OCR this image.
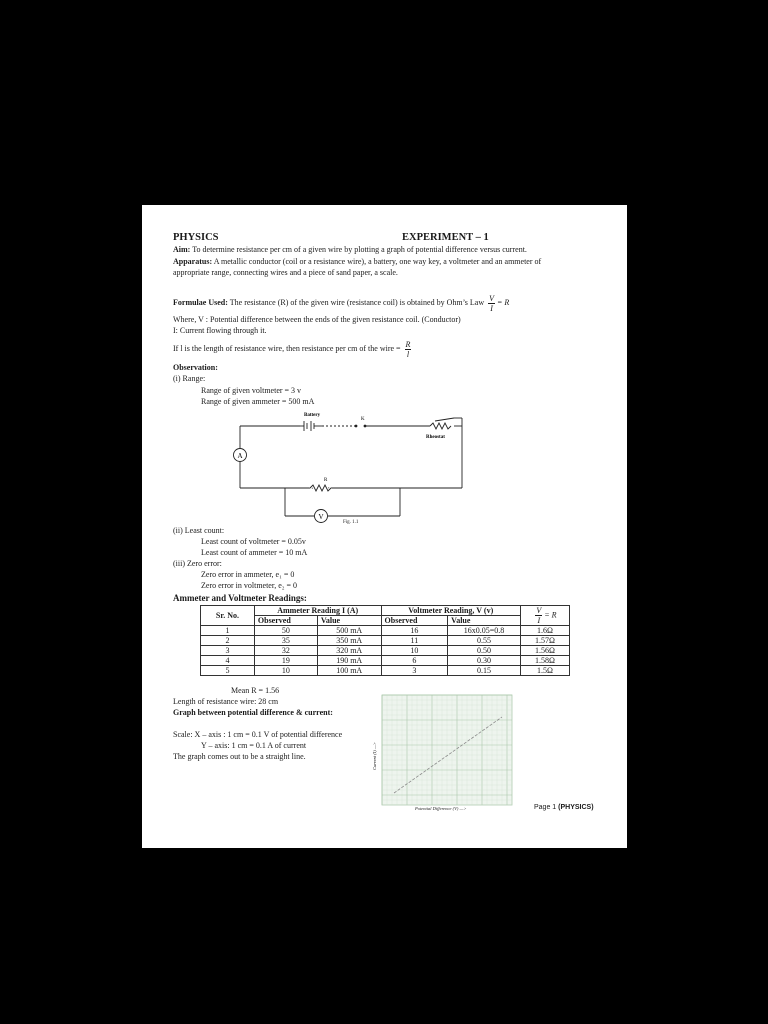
PHYSICS	EXPERIMENT – 1
Aim: To determine resistance per cm of a given wire by plotting a graph of potential difference versus current.
Apparatus: A metallic conductor (coil or a resistance wire), a battery, one way key, a voltmeter and an ammeter of
appropriate range, connecting wires and a piece of sand paper, a scale.
Formulae Used: The resistance (R) of the given wire (resistance coil) is obtained by Ohm’s Law $\frac{V}{I} = R$
Where, V : Potential difference between the ends of the given resistance coil. (Conductor)
I: Current flowing through it.
If l is the length of resistance wire, then resistance per cm of the wire = $\frac{R}{l}$
Observation:
(i) Range:
Range of given voltmeter = 3 v
Range of given ammeter = 500 mA
A
V
Battery
K
Rheostat
R
Fig. 1.1
(ii) Least count:
Least count of voltmeter = 0.05v
Least count of ammeter = 10 mA
(iii) Zero error:
Zero error in ammeter, e₁ = 0
Zero error in voltmeter, e₂ = 0
Ammeter and Voltmeter Readings:
Sr. No.	Ammeter Reading I (A)		Voltmeter Reading, V (v)		$\frac{V}{I} = R$
	Observed	Value	Observed	Value	
1	50	500 mA	16	16x0.05=0.8	1.6Ω
2	35	350 mA	11	0.55	1.57Ω
3	32	320 mA	10	0.50	1.56Ω
4	19	190 mA	6	0.30	1.58Ω
5	10	100 mA	3	0.15	1.5Ω
Mean R = 1.56
Length of resistance wire: 28 cm
Graph between potential difference & current:
Scale: X – axis : 1 cm = 0.1 V of potential difference
Y – axis: 1 cm = 0.1 A of current
The graph comes out to be a straight line.	Current (I) —>
Potential Difference (V) —>	Page 1 (PHYSICS)
